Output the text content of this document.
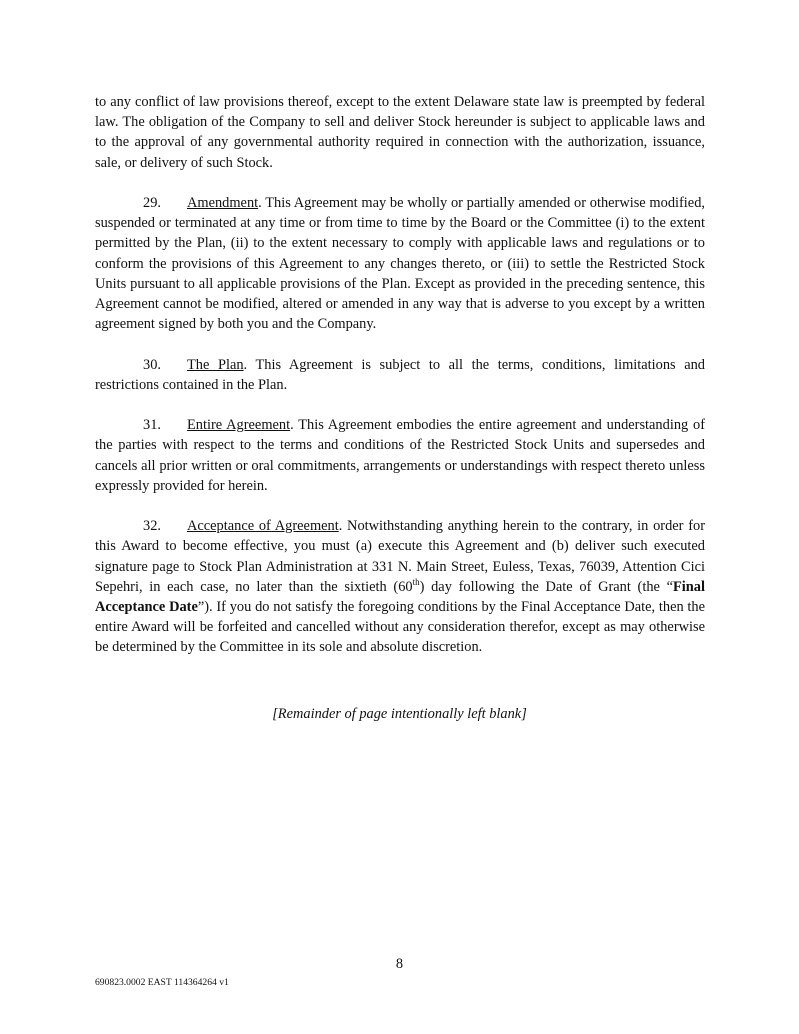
to any conflict of law provisions thereof, except to the extent Delaware state law is preempted by federal law. The obligation of the Company to sell and deliver Stock hereunder is subject to applicable laws and to the approval of any governmental authority required in connection with the authorization, issuance, sale, or delivery of such Stock.

29. Amendment. This Agreement may be wholly or partially amended or otherwise modified, suspended or terminated at any time or from time to time by the Board or the Committee (i) to the extent permitted by the Plan, (ii) to the extent necessary to comply with applicable laws and regulations or to conform the provisions of this Agreement to any changes thereto, or (iii) to settle the Restricted Stock Units pursuant to all applicable provisions of the Plan. Except as provided in the preceding sentence, this Agreement cannot be modified, altered or amended in any way that is adverse to you except by a written agreement signed by both you and the Company.

30. The Plan. This Agreement is subject to all the terms, conditions, limitations and restrictions contained in the Plan.

31. Entire Agreement. This Agreement embodies the entire agreement and understanding of the parties with respect to the terms and conditions of the Restricted Stock Units and supersedes and cancels all prior written or oral commitments, arrangements or understandings with respect thereto unless expressly provided for herein.

32. Acceptance of Agreement. Notwithstanding anything herein to the contrary, in order for this Award to become effective, you must (a) execute this Agreement and (b) deliver such executed signature page to Stock Plan Administration at 331 N. Main Street, Euless, Texas, 76039, Attention Cici Sepehri, in each case, no later than the sixtieth (60th) day following the Date of Grant (the “Final Acceptance Date”). If you do not satisfy the foregoing conditions by the Final Acceptance Date, then the entire Award will be forfeited and cancelled without any consideration therefor, except as may otherwise be determined by the Committee in its sole and absolute discretion.

[Remainder of page intentionally left blank]
8
690823.0002 EAST 114364264 v1
